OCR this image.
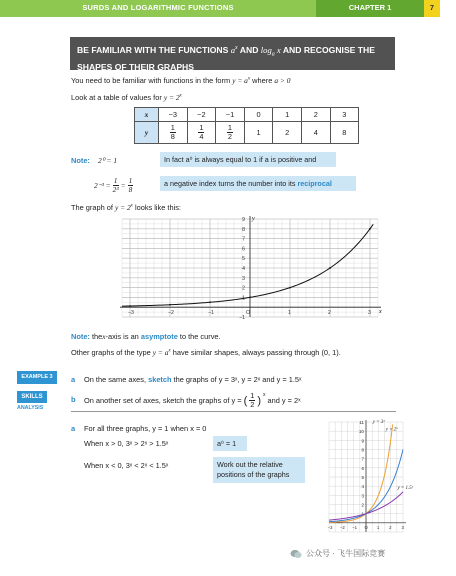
SURDS AND LOGARITHMIC FUNCTIONS	CHAPTER 1	7
BE FAMILIAR WITH THE FUNCTIONS $a^x$ AND $\log_a x$ AND RECOGNISE THE
SHAPES OF THEIR GRAPHS
You need to be familiar with functions in the form $y = a^x$ where a > 0
Look at a table of values for $y = 2^x$
x	−3	−2	−1	0	1	2	3
y	$\frac{1}{8}$	$\frac{1}{4}$	$\frac{1}{2}$	1	2	4	8
Note: 2⁰ = 1	In fact a⁰ is always equal to 1 if a is positive and
$2^{-3} = \frac{1}{\text{2³}} = \frac{1}{8}$	a negative index turns the number into its reciprocal
The graph of $y = 2^x$ looks like this:
x
y
−3	−2	−1	O	1	2	3
−1
1
2
3
4
5
6
7
8
9
Note: thex-axis is an asymptote to the curve.
Other graphs of the type $y = a^x$ have similar shapes, always passing through (0, 1).
EXAMPLE 3
SKILLS
ANALYSIS
a On the same axes, sketch the graphs of y = 3ˣ, y = 2ˣ and y = 1.5ˣ
b On another set of axes, sketch the graphs of y = ( $\frac{1}{2}$ ) $^x$
and y = 2ˣ
a For all three graphs, y = 1 when x = 0
When x > 0, 3ˣ > 2ˣ > 1.5ˣ	a⁰ = 1
When x < 0, 3ˣ < 2ˣ < 1.5ˣ	Work out the relative positions of the graphs
1
2
3
4
5
6
7
8
9
10
11
−3 −2 −1 O 1 2 3
y = 3ˣ
y = 2ˣ
y = 1.5ˣ
公众号 · 飞牛国际竞赛
